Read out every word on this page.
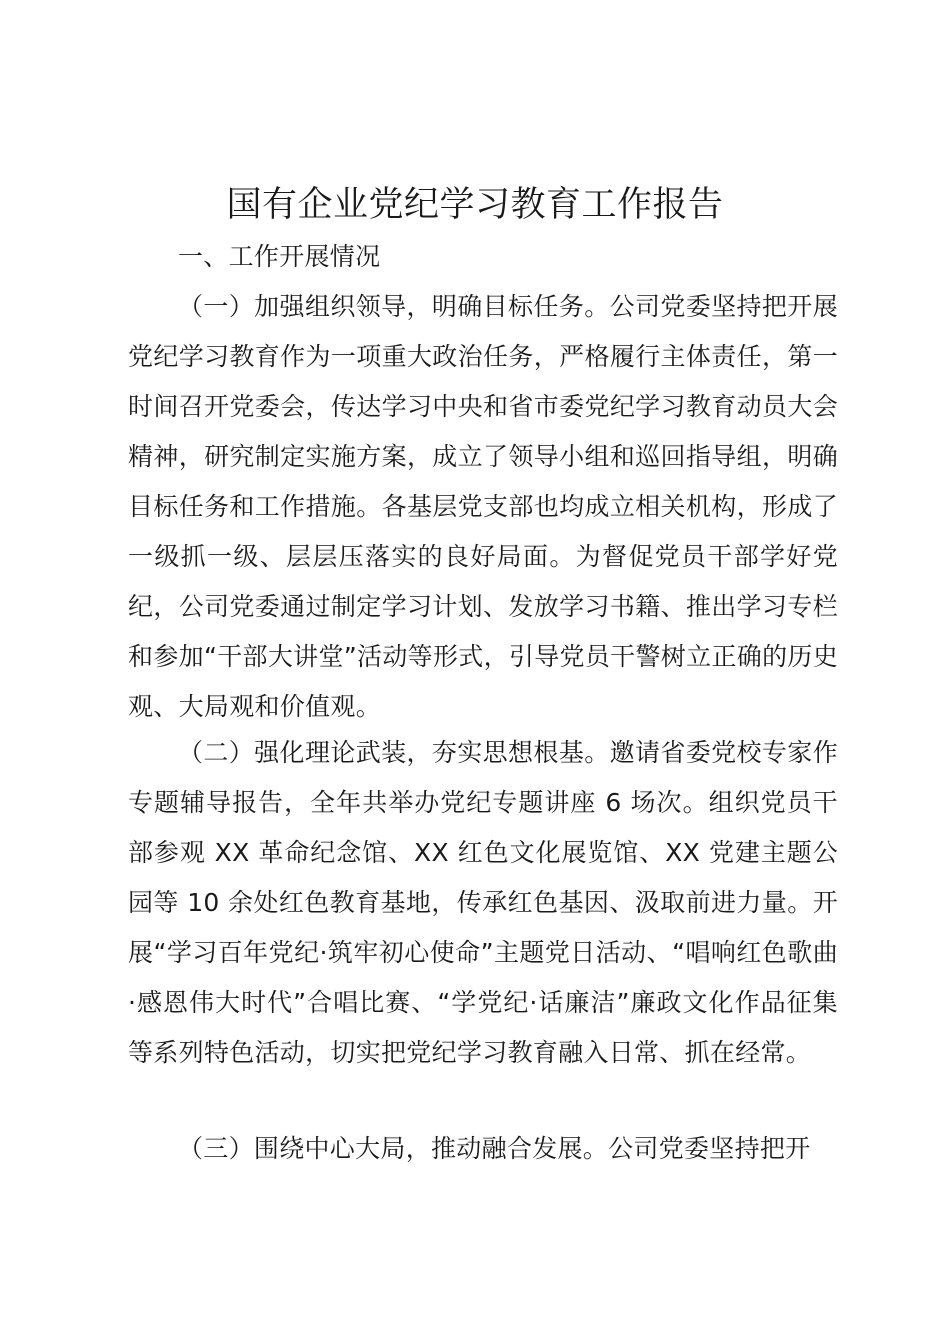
国有企业党纪学习教育工作报告
一、工作开展情况

（一）加强组织领导，明确目标任务。公司党委坚持把开展党纪学习教育作为一项重大政治任务，严格履行主体责任，第一时间召开党委会，传达学习中央和省市委党纪学习教育动员大会精神，研究制定实施方案，成立了领导小组和巡回指导组，明确目标任务和工作措施。各基层党支部也均成立相关机构，形成了一级抓一级、层层压落实的良好局面。为督促党员干部学好党纪，公司党委通过制定学习计划、发放学习书籍、推出学习专栏和参加“干部大讲堂”活动等形式，引导党员干警树立正确的历史观、大局观和价值观。

（二）强化理论武装，夯实思想根基。邀请省委党校专家作专题辅导报告，全年共举办党纪专题讲座 6 场次。组织党员干部参观 XX 革命纪念馆、XX 红色文化展览馆、XX 党建主题公园等 10 余处红色教育基地，传承红色基因、汲取前进力量。开展“学习百年党纪·筑牢初心使命”主题党日活动、“唱响红色歌曲·感恩伟大时代”合唱比赛、“学党纪·话廉洁”廉政文化作品征集等系列特色活动，切实把党纪学习教育融入日常、抓在经常。

（三）围绕中心大局，推动融合发展。公司党委坚持把开
